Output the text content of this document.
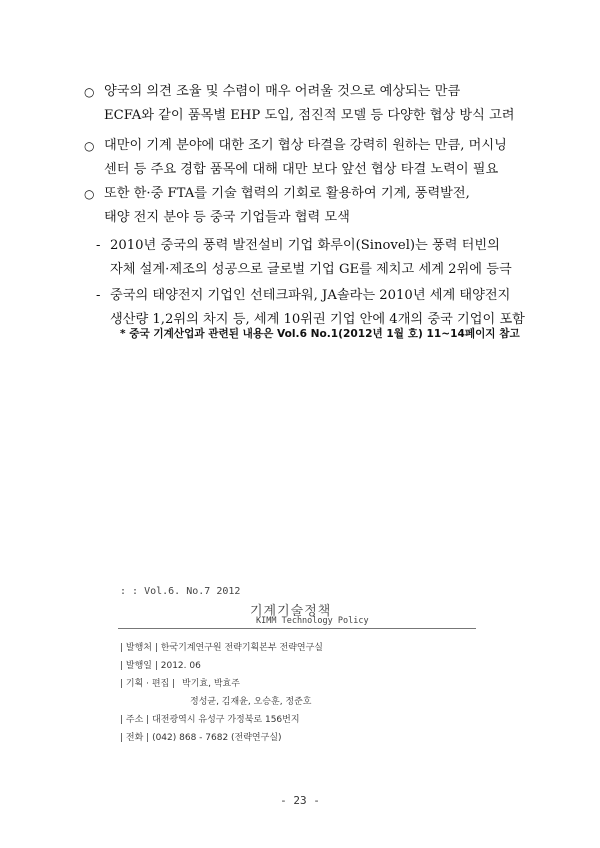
○ 양국의 의견 조율 및 수렴이 매우 어려울 것으로 예상되는 만큼
ECFA와 같이 품목별 EHP 도입, 점진적 모델 등 다양한 협상 방식 고려
○ 대만이 기계 분야에 대한 조기 협상 타결을 강력히 원하는 만큼, 머시닝
센터 등 주요 경합 품목에 대해 대만 보다 앞선 협상 타결 노력이 필요
○ 또한 한·중 FTA를 기술 협력의 기회로 활용하여 기계, 풍력발전,
태양 전지 분야 등 중국 기업들과 협력 모색
- 2010년 중국의 풍력 발전설비 기업 화루이(Sinovel)는 풍력 터빈의
자체 설계·제조의 성공으로 글로벌 기업 GE를 제치고 세계 2위에 등극
- 중국의 태양전지 기업인 선테크파워, JA솔라는 2010년 세계 태양전지
생산량 1,2위의 차지 등, 세계 10위권 기업 안에 4개의 중국 기업이 포함
* 중국 기계산업과 관련된 내용은 Vol.6 No.1(2012년 1월 호) 11~14페이지 참고
: : Vol.6. No.7 2012
기계기술정책
KIMM Technology Policy
| 발행처 | 한국기계연구원 전략기획본부 전략연구실
| 발행일 | 2012. 06
| 기획 · 편집 | 박기효, 박효주
정성균, 김재윤, 오승훈, 정준호
| 주소 | 대전광역시 유성구 가정북로 156번지
| 전화 | (042) 868 - 7682 (전략연구실)
- 23 -
